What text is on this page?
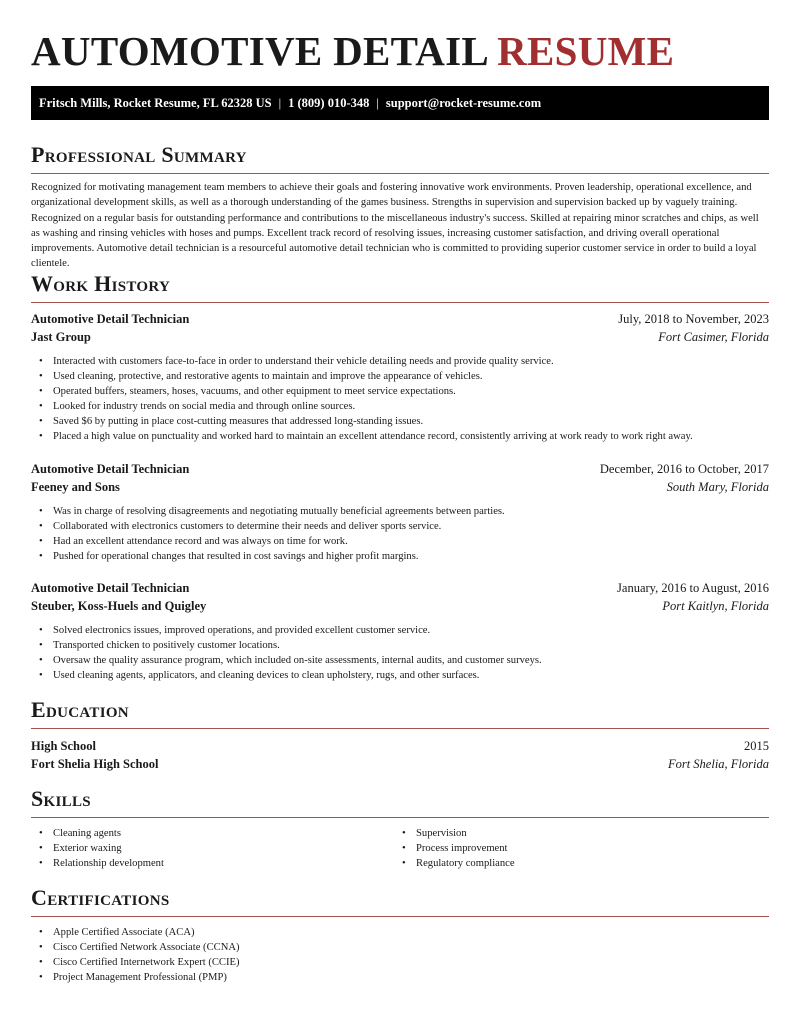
AUTOMOTIVE DETAIL RESUME
Fritsch Mills, Rocket Resume, FL 62328 US | 1 (809) 010-348 | support@rocket-resume.com
Professional Summary

Recognized for motivating management team members to achieve their goals and fostering innovative work environments. Proven leadership, operational excellence, and organizational development skills, as well as a thorough understanding of the games business. Strengths in supervision and supervision backed up by vaguely training. Recognized on a regular basis for outstanding performance and contributions to the miscellaneous industry's success. Skilled at repairing minor scratches and chips, as well as washing and rinsing vehicles with hoses and pumps. Excellent track record of resolving issues, increasing customer satisfaction, and driving overall operational improvements. Automotive detail technician is a resourceful automotive detail technician who is committed to providing superior customer service in order to build a loyal clientele.

Work History
Automotive Detail Technician	July, 2018 to November, 2023
Jast Group	Fort Casimer, Florida
• Interacted with customers face-to-face in order to understand their vehicle detailing needs and provide quality service.
• Used cleaning, protective, and restorative agents to maintain and improve the appearance of vehicles.
• Operated buffers, steamers, hoses, vacuums, and other equipment to meet service expectations.
• Looked for industry trends on social media and through online sources.
• Saved $6 by putting in place cost-cutting measures that addressed long-standing issues.
• Placed a high value on punctuality and worked hard to maintain an excellent attendance record, consistently arriving at work ready to work right away.
Automotive Detail Technician	December, 2016 to October, 2017
Feeney and Sons	South Mary, Florida
• Was in charge of resolving disagreements and negotiating mutually beneficial agreements between parties.
• Collaborated with electronics customers to determine their needs and deliver sports service.
• Had an excellent attendance record and was always on time for work.
• Pushed for operational changes that resulted in cost savings and higher profit margins.
Automotive Detail Technician	January, 2016 to August, 2016
Steuber, Koss-Huels and Quigley	Port Kaitlyn, Florida
• Solved electronics issues, improved operations, and provided excellent customer service.
• Transported chicken to positively customer locations.
• Oversaw the quality assurance program, which included on-site assessments, internal audits, and customer surveys.
• Used cleaning agents, applicators, and cleaning devices to clean upholstery, rugs, and other surfaces.
Education
High School	2015
Fort Shelia High School	Fort Shelia, Florida
Skills
• Cleaning agents
• Exterior waxing
• Relationship development
• Supervision
• Process improvement
• Regulatory compliance
Certifications
• Apple Certified Associate (ACA)
• Cisco Certified Network Associate (CCNA)
• Cisco Certified Internetwork Expert (CCIE)
• Project Management Professional (PMP)
